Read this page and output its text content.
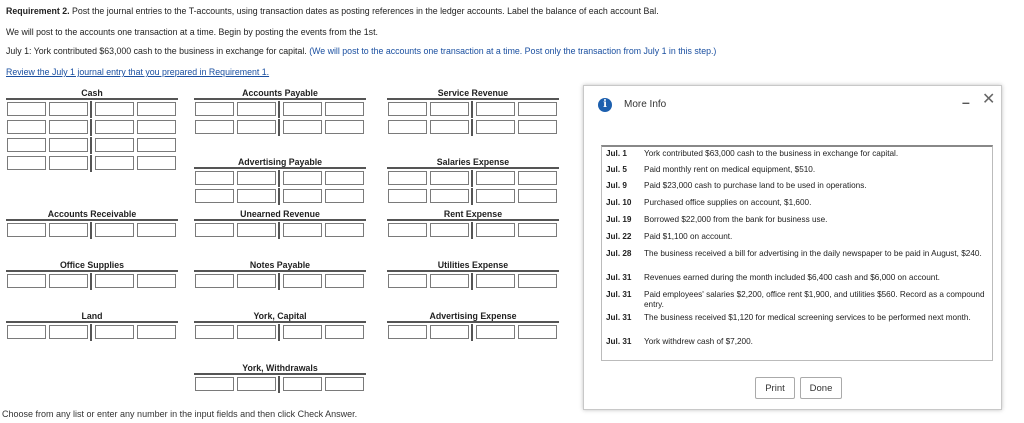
Requirement 2. Post the journal entries to the T-accounts, using transaction dates as posting references in the ledger accounts. Label the balance of each account Bal.
We will post to the accounts one transaction at a time. Begin by posting the events from the 1st.
July 1: York contributed $63,000 cash to the business in exchange for capital. (We will post to the accounts one transaction at a time. Post only the transaction from July 1 in this step.)
Review the July 1 journal entry that you prepared in Requirement 1.
Cash	Accounts Payable	Service Revenue
Advertising Payable	Salaries Expense
Accounts Receivable	Unearned Revenue	Rent Expense
Office Supplies	Notes Payable	Utilities Expense
Land	York, Capital	Advertising Expense
York, Withdrawals
Choose from any list or enter any number in the input fields and then click Check Answer.
i	More Info	– ✕
Jul. 1	York contributed $63,000 cash to the business in exchange for capital.
Jul. 5	Paid monthly rent on medical equipment, $510.
Jul. 9	Paid $23,000 cash to purchase land to be used in operations.
Jul. 10	Purchased office supplies on account, $1,600.
Jul. 19	Borrowed $22,000 from the bank for business use.
Jul. 22	Paid $1,100 on account.
Jul. 28	The business received a bill for advertising in the daily newspaper to be paid in August, $240.
Jul. 31	Revenues earned during the month included $6,400 cash and $6,000 on account.
Jul. 31	Paid employees' salaries $2,200, office rent $1,900, and utilities $560. Record as a compound entry.
Jul. 31	The business received $1,120 for medical screening services to be performed next month.
Jul. 31	York withdrew cash of $7,200.
Print	Done
